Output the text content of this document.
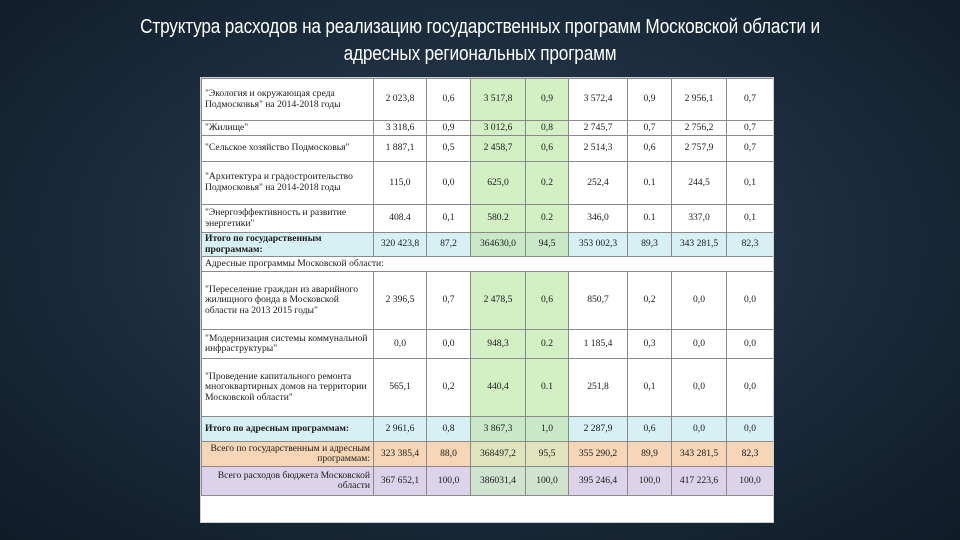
Структура расходов на реализацию государственных программ Московской области и
адресных региональных программ
"Экология и окружающая среда Подмосковья" на 2014-2018 годы	2 023,8	0,6	3 517,8	0,9	3 572,4	0,9	2 956,1	0,7
"Жилище"	3 318,6	0,9	3 012,6	0,8	2 745,7	0,7	2 756,2	0,7
"Сельское хозяйство Подмосковья"	1 887,1	0,5	2 458,7	0,6	2 514,3	0,6	2 757,9	0,7
"Архитектура и градостроительство Подмосковья" на 2014-2018 годы	115,0	0,0	625,0	0.2	252,4	0.1	244,5	0,1
"Энергоэффективность и развитие энергетики"	408.4	0,1	580.2	0.2	346,0	0.1	337,0	0,1
Итого по государственным программам:	320 423,8	87,2	364630,0	94,5	353 002,3	89,3	343 281,5	82,3
Адресные программы Московской области:								
"Переселение граждан из аварийного жилищного фонда в Московской области на 2013 2015 годы"	2 396,5	0,7	2 478,5	0,6	850,7	0,2	0,0	0,0
"Модернизация системы коммунальной инфраструктуры"	0,0	0,0	948,3	0.2	1 185,4	0,3	0,0	0,0
"Проведение капитального ремонта многоквартирных домов на территории Московской области"	565,1	0,2	440,4	0.1	251,8	0,1	0,0	0,0
Итого по адресным программам:	2 961,6	0,8	3 867,3	1,0	2 287,9	0,6	0,0	0,0
Всего по государственным и адресным программам:	323 385,4	88,0	368497,2	95,5	355 290,2	89,9	343 281,5	82,3
Всего расходов бюджета Московской области	367 652,1	100,0	386031,4	100,0	395 246,4	100,0	417 223,6	100,0
